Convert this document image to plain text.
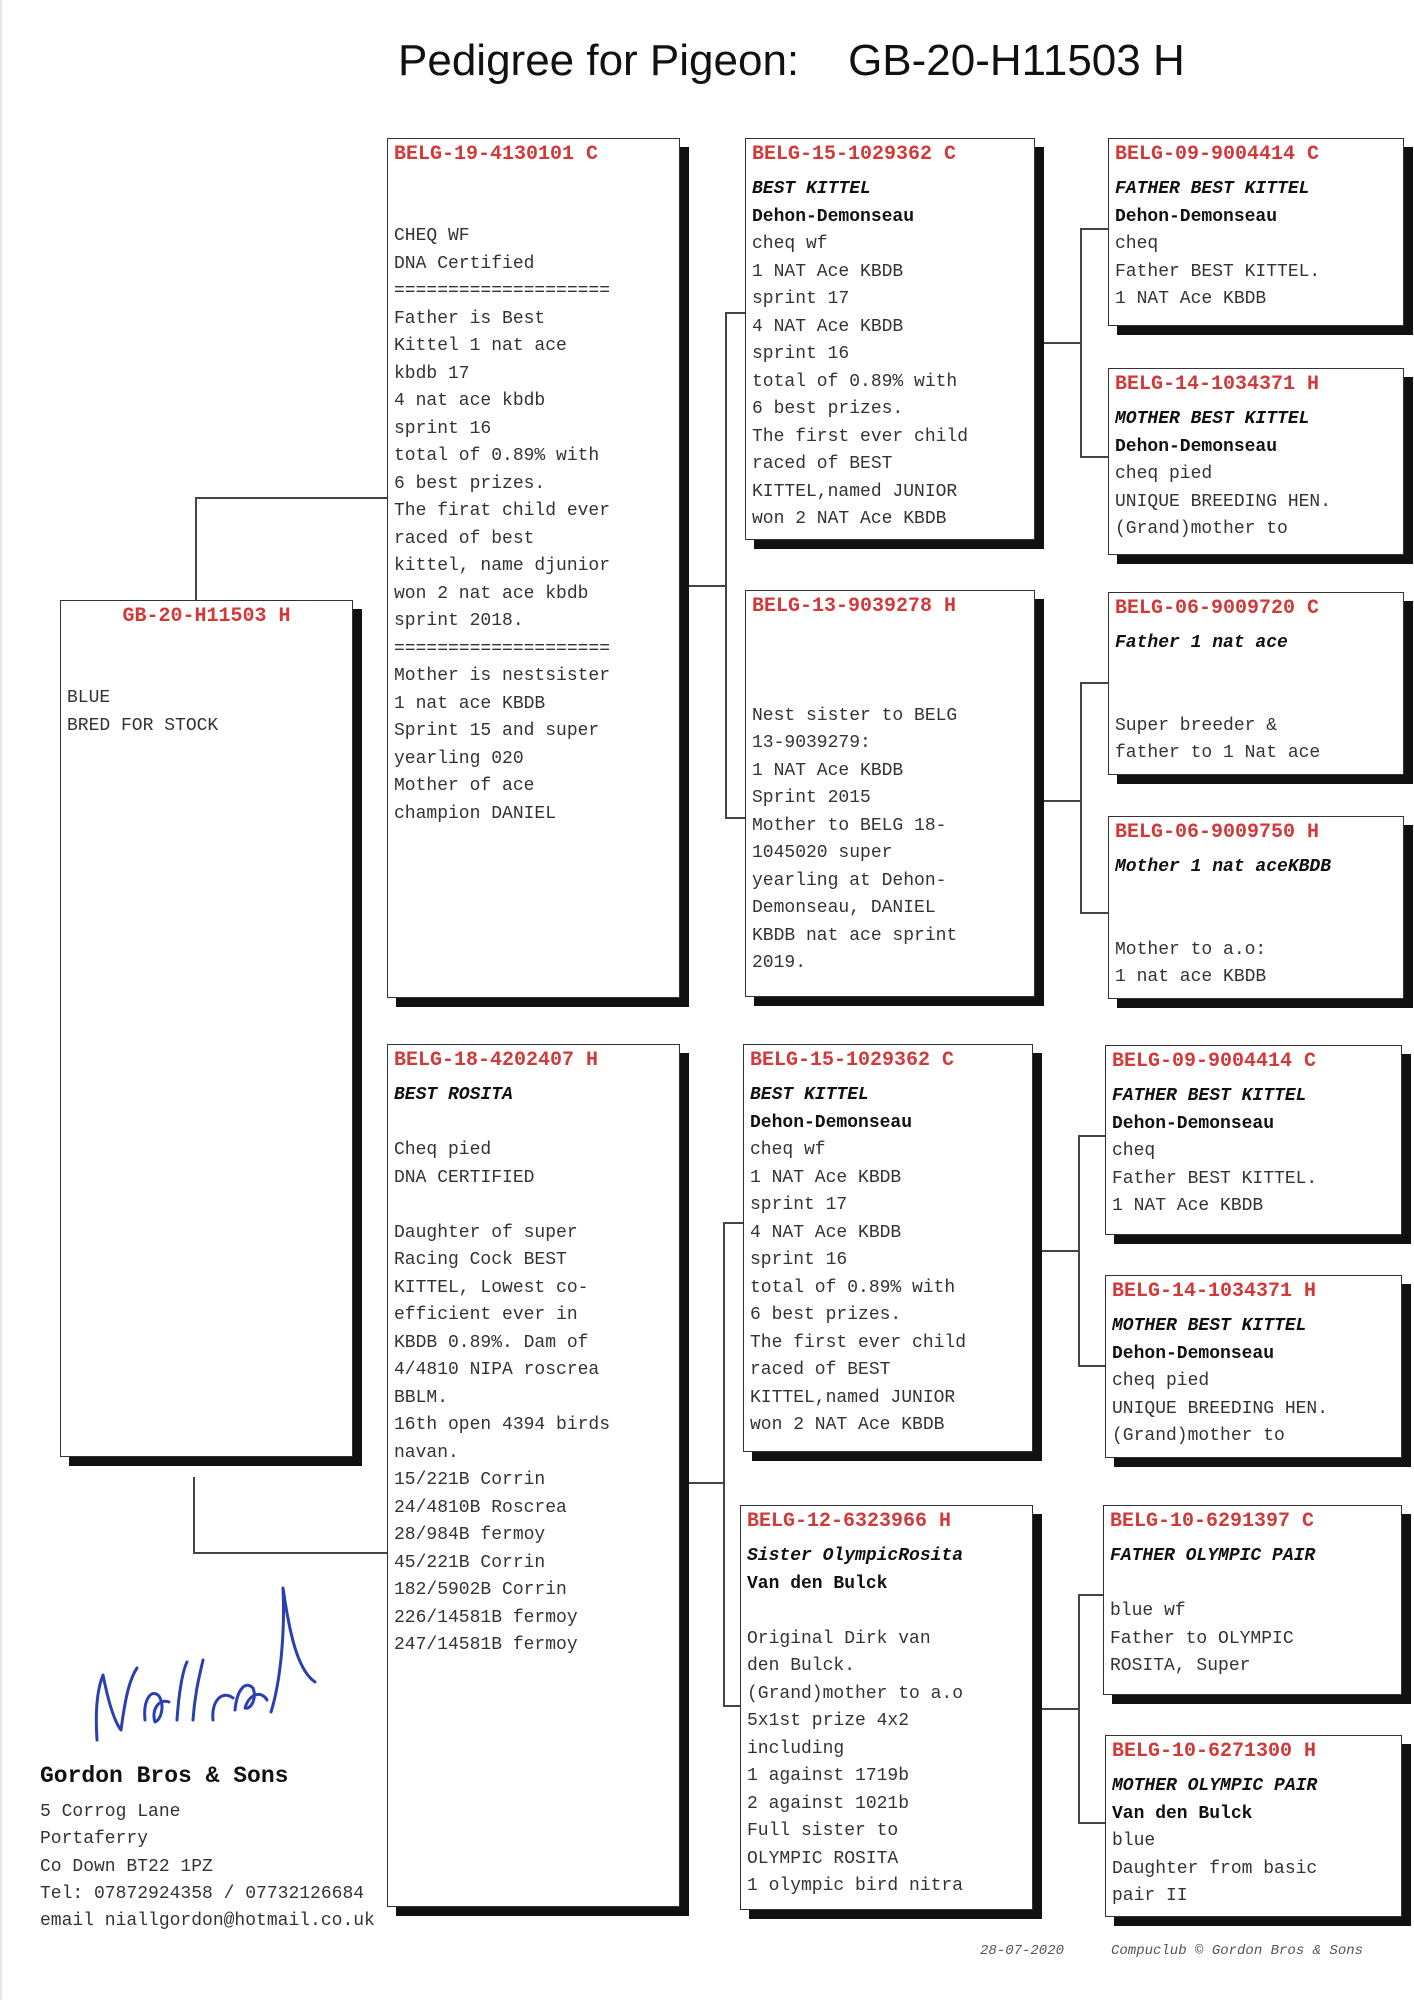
Pedigree for Pigeon: GB-20-H11503 H
GB-20-H11503 H
BLUE
BRED FOR STOCK
BELG-19-4130101 C
CHEQ WF
DNA Certified
====================
Father is Best
Kittel 1 nat ace
kbdb 17
4 nat ace kbdb
sprint 16
total of 0.89% with
6 best prizes.
The firat child ever
raced of best
kittel, name djunior
won 2 nat ace kbdb
sprint 2018.
====================
Mother is nestsister
1 nat ace KBDB
Sprint 15 and super
yearling 020
Mother of ace
champion DANIEL
BELG-18-4202407 H
BEST ROSITA
Cheq pied
DNA CERTIFIED

Daughter of super
Racing Cock BEST
KITTEL, Lowest co-
efficient ever in
KBDB 0.89%. Dam of
4/4810 NIPA roscrea
BBLM.
16th open 4394 birds
navan.
15/221B Corrin
24/4810B Roscrea
28/984B fermoy
45/221B Corrin
182/5902B Corrin
226/14581B fermoy
247/14581B fermoy
BELG-15-1029362 C
BEST KITTEL
Dehon-Demonseau
cheq wf
1 NAT Ace KBDB
sprint 17
4 NAT Ace KBDB
sprint 16
total of 0.89% with
6 best prizes.
The first ever child
raced of BEST
KITTEL,named JUNIOR
won 2 NAT Ace KBDB
BELG-13-9039278 H
Nest sister to BELG
13-9039279:
1 NAT Ace KBDB
Sprint 2015
Mother to BELG 18-
1045020 super
yearling at Dehon-
Demonseau, DANIEL
KBDB nat ace sprint
2019.
BELG-15-1029362 C
BEST KITTEL
Dehon-Demonseau
cheq wf
1 NAT Ace KBDB
sprint 17
4 NAT Ace KBDB
sprint 16
total of 0.89% with
6 best prizes.
The first ever child
raced of BEST
KITTEL,named JUNIOR
won 2 NAT Ace KBDB
BELG-12-6323966 H
Sister OlympicRosita
Van den Bulck
Original Dirk van
den Bulck.
(Grand)mother to a.o
5x1st prize 4x2
including
1 against 1719b
2 against 1021b
Full sister to
OLYMPIC ROSITA
1 olympic bird nitra
BELG-09-9004414 C
FATHER BEST KITTEL
Dehon-Demonseau
cheq
Father BEST KITTEL.
1 NAT Ace KBDB
BELG-14-1034371 H
MOTHER BEST KITTEL
Dehon-Demonseau
cheq pied
UNIQUE BREEDING HEN.
(Grand)mother to
BELG-06-9009720 C
Father 1 nat ace
Super breeder &
father to 1 Nat ace
BELG-06-9009750 H
Mother 1 nat aceKBDB
Mother to a.o:
1 nat ace KBDB
BELG-09-9004414 C
FATHER BEST KITTEL
Dehon-Demonseau
cheq
Father BEST KITTEL.
1 NAT Ace KBDB
BELG-14-1034371 H
MOTHER BEST KITTEL
Dehon-Demonseau
cheq pied
UNIQUE BREEDING HEN.
(Grand)mother to
BELG-10-6291397 C
FATHER OLYMPIC PAIR
blue wf
Father to OLYMPIC
ROSITA, Super
BELG-10-6271300 H
MOTHER OLYMPIC PAIR
Van den Bulck
blue
Daughter from basic
pair II
Gordon Bros & Sons
5 Corrog Lane
Portaferry
Co Down BT22 1PZ
Tel: 07872924358 / 07732126684
email niallgordon@hotmail.co.uk
28-07-2020	Compuclub © Gordon Bros & Sons
